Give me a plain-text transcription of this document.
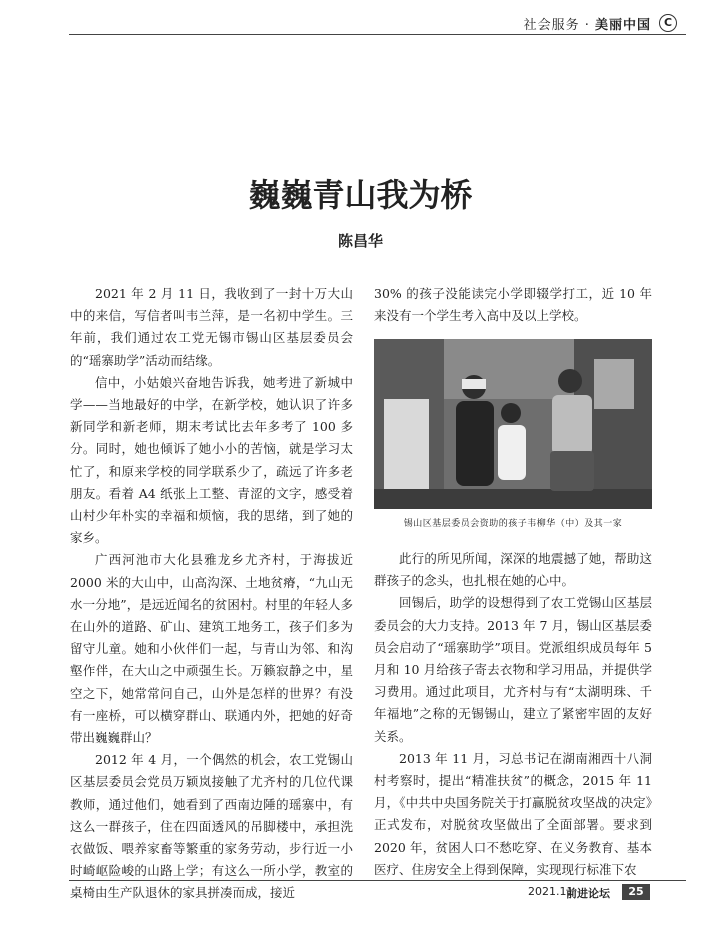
社会服务 · 美丽中国	C
巍巍青山我为桥
陈昌华

2021 年 2 月 11 日，我收到了一封十万大山中的来信，写信者叫韦兰萍，是一名初中学生。三年前，我们通过农工党无锡市锡山区基层委员会的“瑶寨助学”活动而结缘。

信中，小姑娘兴奋地告诉我，她考进了新城中学——当地最好的中学，在新学校，她认识了许多新同学和新老师，期末考试比去年多考了 100 多分。同时，她也倾诉了她小小的苦恼，就是学习太忙了，和原来学校的同学联系少了，疏远了许多老朋友。看着 A4 纸张上工整、青涩的文字，感受着山村少年朴实的幸福和烦恼，我的思绪，到了她的家乡。

广西河池市大化县雅龙乡尤齐村，于海拔近 2000 米的大山中，山高沟深、土地贫瘠，“九山无水一分地”，是远近闻名的贫困村。村里的年轻人多在山外的道路、矿山、建筑工地务工，孩子们多为留守儿童。她和小伙伴们一起，与青山为邻、和沟壑作伴，在大山之中顽强生长。万籁寂静之中，星空之下，她常常问自己，山外是怎样的世界？有没有一座桥，可以横穿群山、联通内外，把她的好奇带出巍巍群山？

2012 年 4 月，一个偶然的机会，农工党锡山区基层委员会党员万颖岚接触了尤齐村的几位代课教师，通过他们，她看到了西南边陲的瑶寨中，有这么一群孩子，住在四面透风的吊脚楼中，承担洗衣做饭、喂养家畜等繁重的家务劳动，步行近一小时崎岖险峻的山路上学；有这么一所小学，教室的桌椅由生产队退休的家具拼凑而成，接近

30% 的孩子没能读完小学即辍学打工，近 10 年来没有一个学生考入高中及以上学校。

锡山区基层委员会资助的孩子韦柳华（中）及其一家

此行的所见所闻，深深的地震撼了她，帮助这群孩子的念头，也扎根在她的心中。

回锡后，助学的设想得到了农工党锡山区基层委员会的大力支持。2013 年 7 月，锡山区基层委员会启动了“瑶寨助学”项目。党派组织成员每年 5 月和 10 月给孩子寄去衣物和学习用品，并提供学习费用。通过此项目，尤齐村与有“太湖明珠、千年福地”之称的无锡锡山，建立了紧密牢固的友好关系。

2013 年 11 月，习总书记在湖南湘西十八洞村考察时，提出“精准扶贫”的概念，2015 年 11 月，《中共中央国务院关于打赢脱贫攻坚战的决定》正式发布，对脱贫攻坚做出了全面部署。要求到 2020 年，贫困人口不愁吃穿、在义务教育、基本医疗、住房安全上得到保障，实现现行标准下农

2021.11
前进论坛	25
